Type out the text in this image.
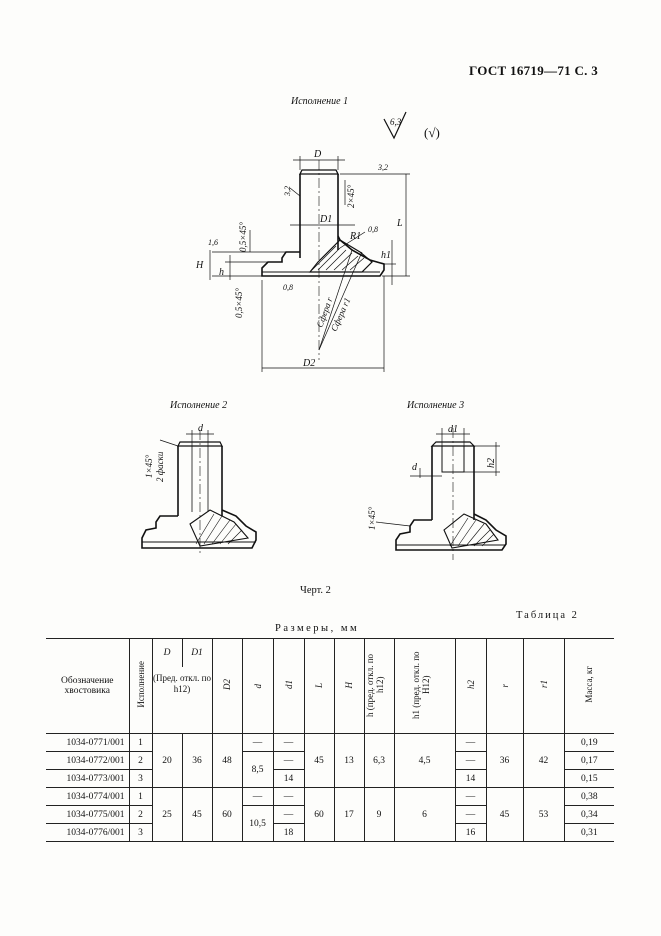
ГОСТ 16719—71 С. 3
Исполнение 1
6,3
(√)
D
D1
D2
L
H
h
h1
R1
3,2
3,2
1,6
0,8
0,8
2×45°
0,5×45°
0,5×45°	Сфера r
Сфера r1
Исполнение 2
d
1×45° 2 фаски
Исполнение 3
d1
d	h2
1×45°
Черт. 2
Таблица 2
Размеры, мм
Обозначение хвостовика	Исполнение	D	D1	D2	d	d1	L	H	h (пред. откл. по h12)	h1 (пред. откл. по H12)	h2	r	r1	Масса, кг
		(Пред. откл. по h12)												
1034-0771/001	1	20	36	48	—	—	45	13	6,3	4,5	—	36	42	0,19
1034-0772/001	2				8,5	—					—			0,17
1034-0773/001	3					14					14			0,15
1034-0774/001	1	25	45	60	—	—	60	17	9	6	—	45	53	0,38
1034-0775/001	2				10,5	—					—			0,34
1034-0776/001	3					18					16			0,31
